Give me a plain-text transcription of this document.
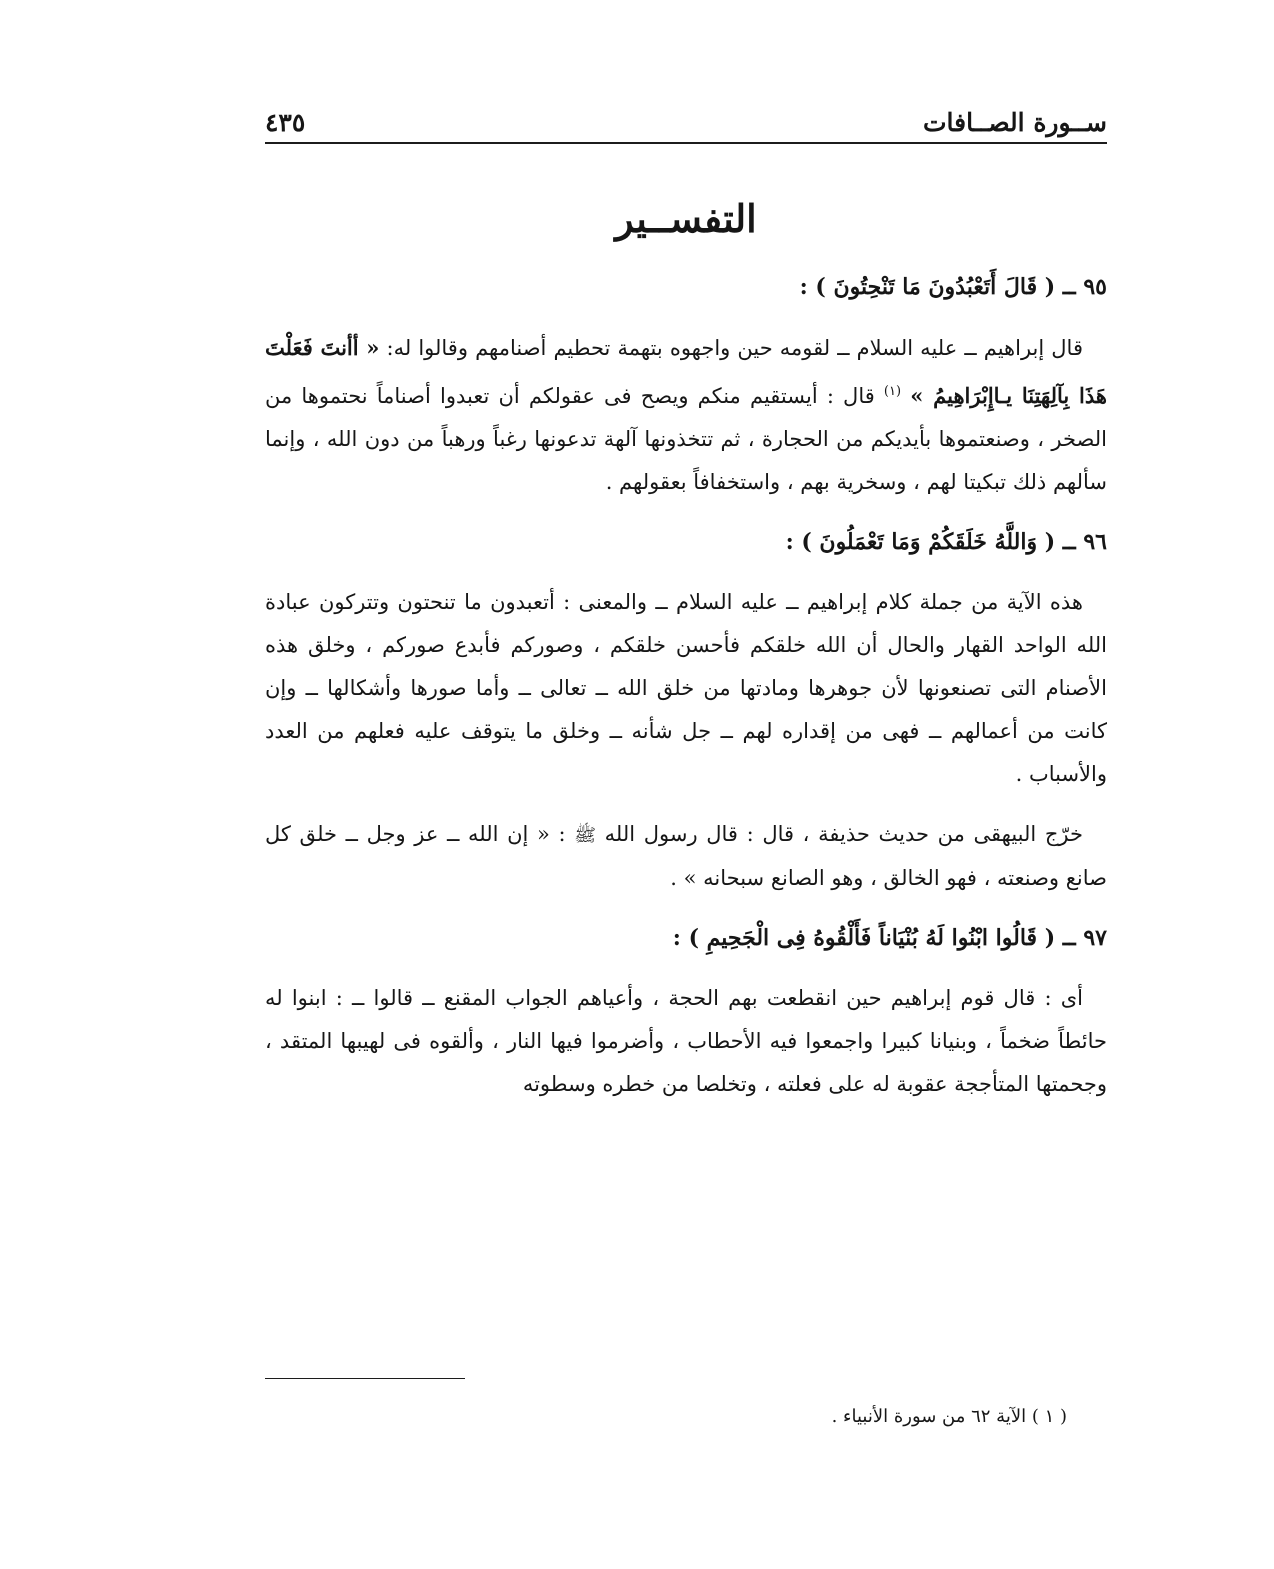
ســورة الصــافات
٤٣٥
التفســير
٩٥ ــ ( قَالَ أَتَعْبُدُونَ مَا تَنْحِتُونَ ) :

قال إبراهيم ــ عليه السلام ــ لقومه حين واجهوه بتهمة تحطيم أصنامهم وقالوا له: « أأنتَ فَعَلْتَ هَذَا بِآلِهَتِنَا يـاإِبْرَاهِيمُ » $^{(١)}$ قال : أيستقيم منكم ويصح فى عقولكم أن تعبدوا أصناماً نحتموها من الصخر ، وصنعتموها بأيديكم من الحجارة ، ثم تتخذونها آلهة تدعونها رغباً ورهباً من دون الله ، وإنما سألهم ذلك تبكيتا لهم ، وسخرية بهم ، واستخفافاً بعقولهم .

٩٦ ــ ( وَاللَّهُ خَلَقَكُمْ وَمَا تَعْمَلُونَ ) :

هذه الآية من جملة كلام إبراهيم ــ عليه السلام ــ والمعنى : أتعبدون ما تنحتون وتتركون عبادة الله الواحد القهار والحال أن الله خلقكم فأحسن خلقكم ، وصوركم فأبدع صوركم ، وخلق هذه الأصنام التى تصنعونها لأن جوهرها ومادتها من خلق الله ــ تعالى ــ وأما صورها وأشكالها ــ وإن كانت من أعمالهم ــ فهى من إقداره لهم ــ جل شأنه ــ وخلق ما يتوقف عليه فعلهم من العدد والأسباب .

خرّج البيهقى من حديث حذيفة ، قال : قال رسول الله ﷺ : « إن الله ــ عز وجل ــ خلق كل صانع وصنعته ، فهو الخالق ، وهو الصانع سبحانه » .

٩٧ ــ ( قَالُوا ابْنُوا لَهُ بُنْيَاناً فَأَلْقُوهُ فِى الْجَحِيمِ ) :

أى : قال قوم إبراهيم حين انقطعت بهم الحجة ، وأعياهم الجواب المقنع ــ قالوا ــ : ابنوا له حائطاً ضخماً ، وبنيانا كبيرا واجمعوا فيه الأحطاب ، وأضرموا فيها النار ، وألقوه فى لهيبها المتقد ، وجحمتها المتأججة عقوبة له على فعلته ، وتخلصا من خطره وسطوته

( ١ ) الآية ٦٢ من سورة الأنبياء .
